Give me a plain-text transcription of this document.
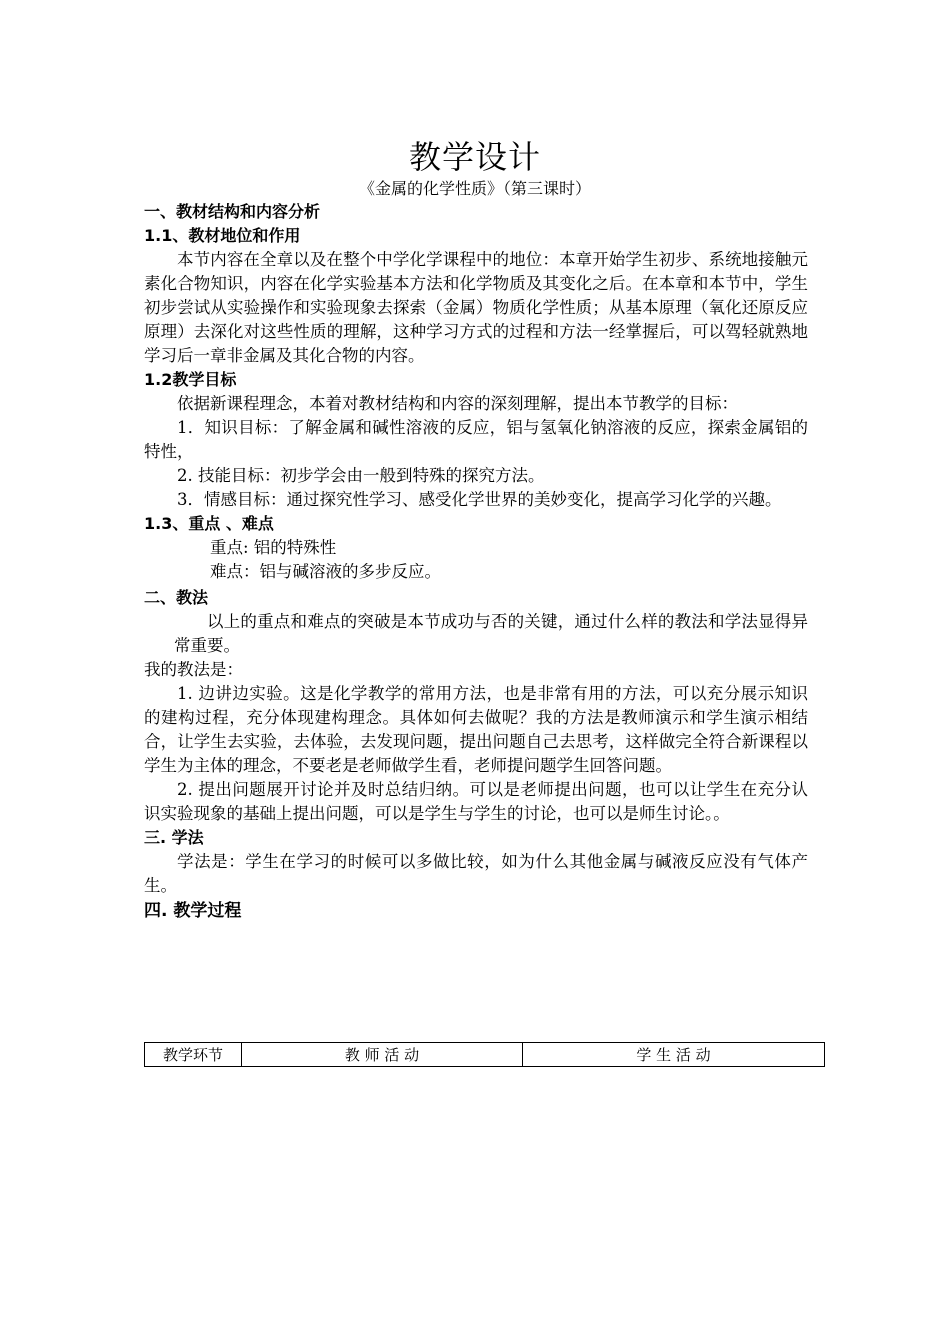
教学设计
《金属的化学性质》（第三课时）
一、教材结构和内容分析
1.1、教材地位和作用

本节内容在全章以及在整个中学化学课程中的地位：本章开始学生初步、系统地接触元素化合物知识，内容在化学实验基本方法和化学物质及其变化之后。在本章和本节中，学生初步尝试从实验操作和实验现象去探索（金属）物质化学性质；从基本原理（氧化还原反应原理）去深化对这些性质的理解，这种学习方式的过程和方法一经掌握后，可以驾轻就熟地学习后一章非金属及其化合物的内容。

1.2教学目标

依据新课程理念，本着对教材结构和内容的深刻理解，提出本节教学的目标：

1．知识目标：了解金属和碱性溶液的反应，铝与氢氧化钠溶液的反应，探索金属铝的特性，

2. 技能目标：初步学会由一般到特殊的探究方法。

3．情感目标：通过探究性学习、感受化学世界的美妙变化，提高学习化学的兴趣。

1.3、重点 、难点

重点: 铝的特殊性

难点：铝与碱溶液的多步反应。

二、教法

以上的重点和难点的突破是本节成功与否的关键，通过什么样的教法和学法显得异常重要。

我的教法是：

1. 边讲边实验。这是化学教学的常用方法，也是非常有用的方法，可以充分展示知识的建构过程，充分体现建构理念。具体如何去做呢？我的方法是教师演示和学生演示相结合，让学生去实验，去体验，去发现问题，提出问题自己去思考，这样做完全符合新课程以学生为主体的理念，不要老是老师做学生看，老师提问题学生回答问题。

2. 提出问题展开讨论并及时总结归纳。可以是老师提出问题，也可以让学生在充分认识实验现象的基础上提出问题，可以是学生与学生的讨论，也可以是师生讨论。。

三. 学法

学法是：学生在学习的时候可以多做比较，如为什么其他金属与碱液反应没有气体产生。

四. 教学过程
教学环节	教 师 活 动	学 生 活 动
